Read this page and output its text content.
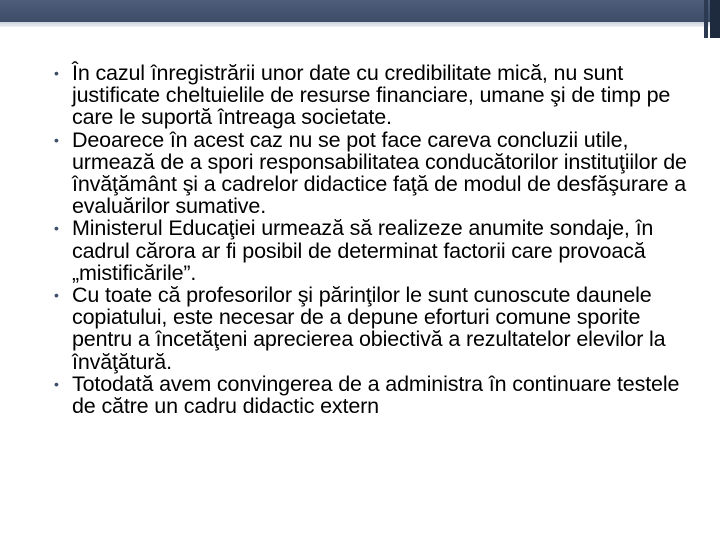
• În cazul înregistrării unor date cu credibilitate mică, nu sunt justificate cheltuielile de resurse financiare, umane şi de timp pe care le suportă întreaga societate.
• Deoarece în acest caz nu se pot face careva concluzii utile, urmează de a spori responsabilitatea conducătorilor instituţiilor de învăţământ şi a cadrelor didactice faţă de modul de desfăşurare a evaluărilor sumative.
• Ministerul Educaţiei urmează să realizeze anumite sondaje, în cadrul cărora ar fi posibil de determinat factorii care provoacă „mistificările”.
• Cu toate că profesorilor şi părinţilor le sunt cunoscute daunele copiatului, este necesar de a depune eforturi comune sporite pentru a încetăţeni aprecierea obiectivă a rezultatelor elevilor la învăţătură.
• Totodată avem convingerea de a administra în continuare testele de către un cadru didactic extern
